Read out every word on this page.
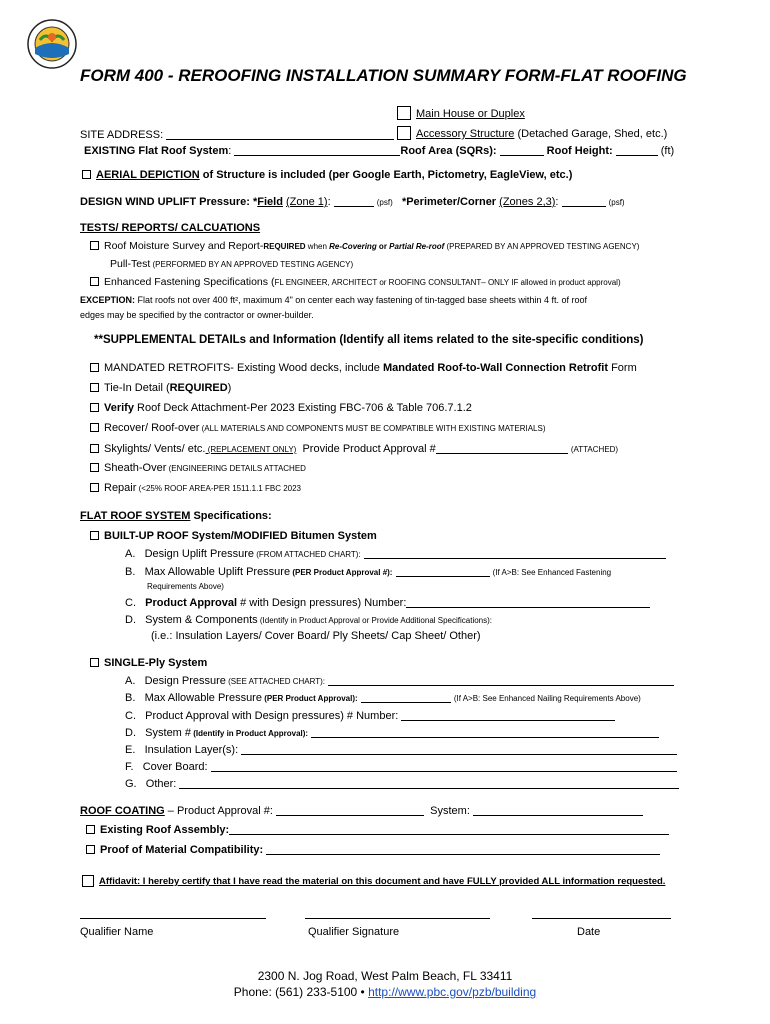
FORM 400 - REROOFING INSTALLATION SUMMARY FORM-FLAT ROOFING
Main House or Duplex
SITE ADDRESS:	Accessory Structure (Detached Garage, Shed, etc.)
EXISTING Flat Roof System:	Roof Area (SQRs):	Roof Height:	(ft)
AERIAL DEPICTION of Structure is included (per Google Earth, Pictometry, EagleView, etc.)
DESIGN WIND UPLIFT Pressure: *Field (Zone 1):	(psf) *Perimeter/Corner (Zones 2,3):	(psf)
TESTS/ REPORTS/ CALCUATIONS
Roof Moisture Survey and Report-REQUIRED when Re-Covering or Partial Re-roof (PREPARED BY AN APPROVED TESTING AGENCY)
Pull-Test (PERFORMED BY AN APPROVED TESTING AGENCY)
Enhanced Fastening Specifications (FL ENGINEER, ARCHITECT or ROOFING CONSULTANT– ONLY IF allowed in product approval)
EXCEPTION: Flat roofs not over 400 ft², maximum 4" on center each way fastening of tin-tagged base sheets within 4 ft. of roof
edges may be specified by the contractor or owner-builder.
**SUPPLEMENTAL DETAILs and Information (Identify all items related to the site-specific conditions)
MANDATED RETROFITS- Existing Wood decks, include Mandated Roof-to-Wall Connection Retrofit Form
Tie-In Detail (REQUIRED)
Verify Roof Deck Attachment-Per 2023 Existing FBC-706 & Table 706.7.1.2
Recover/ Roof-over (ALL MATERIALS AND COMPONENTS MUST BE COMPATIBLE WITH EXISTING MATERIALS)
Skylights/ Vents/ etc. (REPLACEMENT ONLY) Provide Product Approval #	(ATTACHED)
Sheath-Over (ENGINEERING DETAILS ATTACHED
Repair (<25% ROOF AREA-PER 1511.1.1 FBC 2023
FLAT ROOF SYSTEM Specifications:
BUILT-UP ROOF System/MODIFIED Bitumen System
A. Design Uplift Pressure (FROM ATTACHED CHART):
B. Max Allowable Uplift Pressure (PER Product Approval #):	(If A>B: See Enhanced Fastening
Requirements Above)
C. Product Approval # with Design pressures) Number:
D. System & Components (Identify in Product Approval or Provide Additional Specifications):
(i.e.: Insulation Layers/ Cover Board/ Ply Sheets/ Cap Sheet/ Other)
SINGLE-Ply System
A. Design Pressure (SEE ATTACHED CHART):
B. Max Allowable Pressure (PER Product Approval):	(If A>B: See Enhanced Nailing Requirements Above)
C. Product Approval with Design pressures) # Number:
D. System # (Identify in Product Approval):
E. Insulation Layer(s):
F. Cover Board:
G. Other:
ROOF COATING – Product Approval #:	System:
Existing Roof Assembly:
Proof of Material Compatibility:
Affidavit: I hereby certify that I have read the material on this document and have FULLY provided ALL information requested.
Qualifier Name	Qualifier Signature	Date
2300 N. Jog Road, West Palm Beach, FL 33411
Phone: (561) 233-5100 • http://www.pbc.gov/pzb/building
